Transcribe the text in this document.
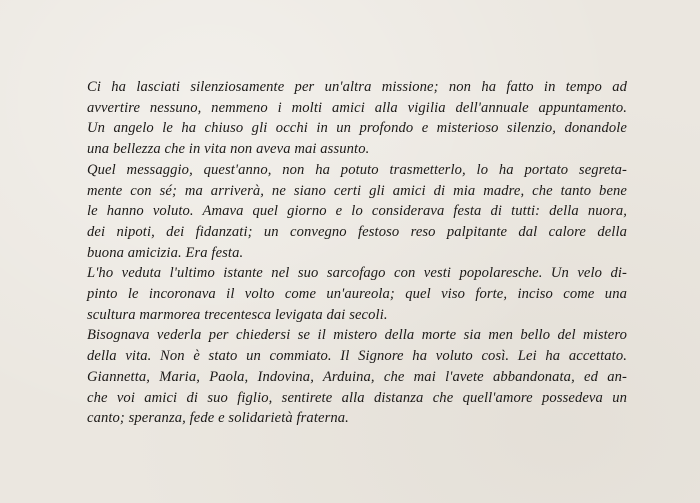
Ci ha lasciati silenziosamente per un'altra missione; non ha fatto in tempo ad
avvertire nessuno, nemmeno i molti amici alla vigilia dell'annuale appuntamento.
Un angelo le ha chiuso gli occhi in un profondo e misterioso silenzio, donandole
una bellezza che in vita non aveva mai assunto.
Quel messaggio, quest'anno, non ha potuto trasmetterlo, lo ha portato segreta-
mente con sé; ma arriverà, ne siano certi gli amici di mia madre, che tanto bene
le hanno voluto. Amava quel giorno e lo considerava festa di tutti: della nuora,
dei nipoti, dei fidanzati; un convegno festoso reso palpitante dal calore della
buona amicizia. Era festa.
L'ho veduta l'ultimo istante nel suo sarcofago con vesti popolaresche. Un velo di-
pinto le incoronava il volto come un'aureola; quel viso forte, inciso come una
scultura marmorea trecentesca levigata dai secoli.
Bisognava vederla per chiedersi se il mistero della morte sia men bello del mistero
della vita. Non è stato un commiato. Il Signore ha voluto così. Lei ha accettato.
Giannetta, Maria, Paola, Indovina, Arduina, che mai l'avete abbandonata, ed an-
che voi amici di suo figlio, sentirete alla distanza che quell'amore possedeva un
canto; speranza, fede e solidarietà fraterna.
